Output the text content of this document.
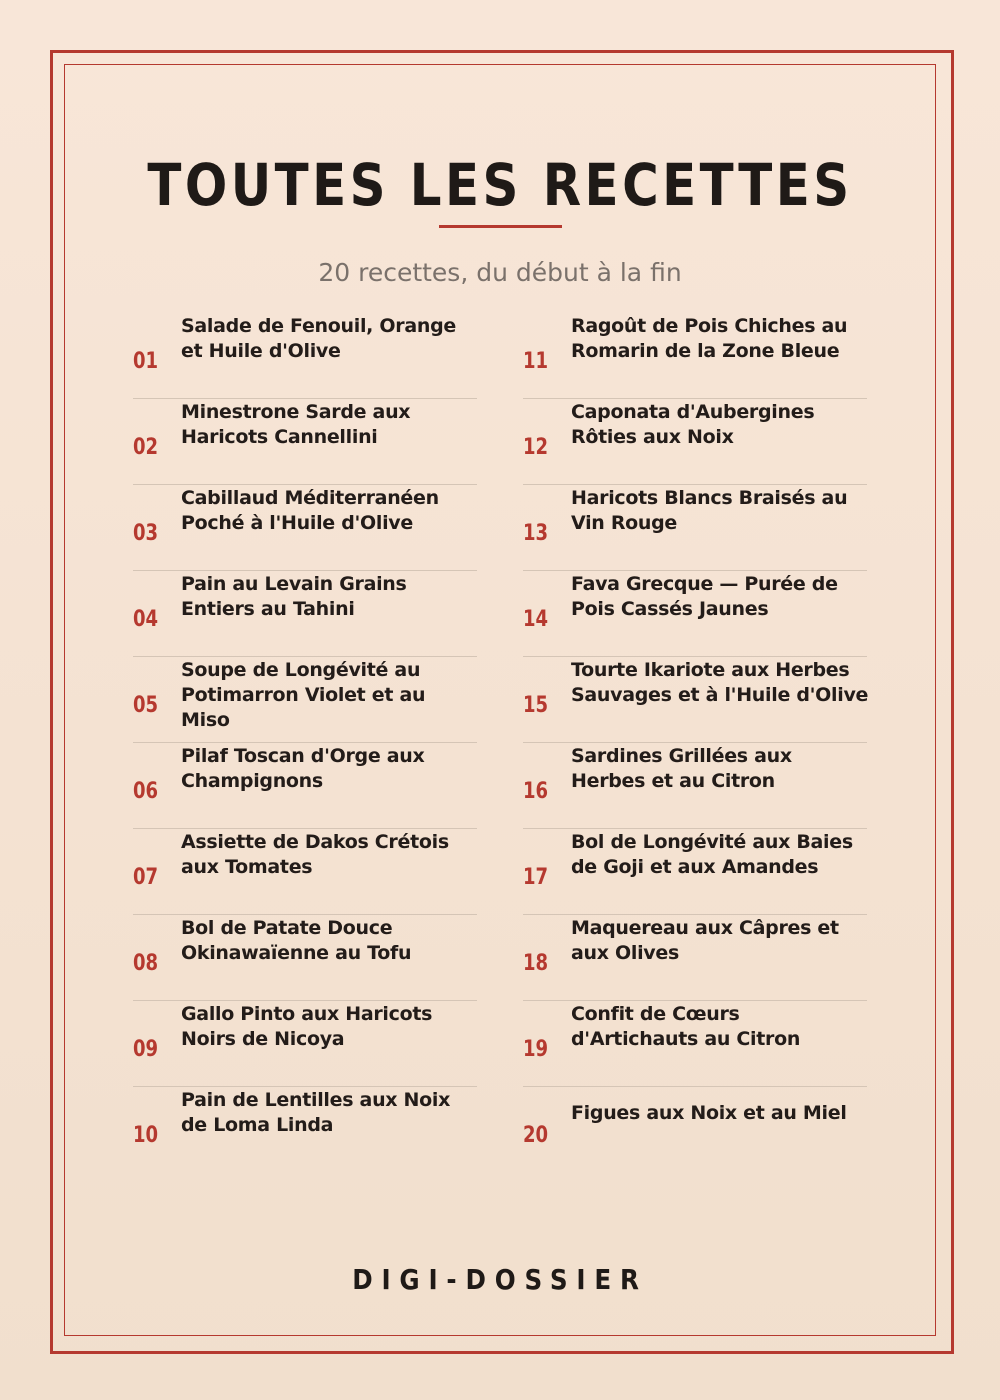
TOUTES LES RECETTES
20 recettes, du début à la fin
01
Salade de Fenouil, Orange et Huile d'Olive
02
Minestrone Sarde aux Haricots Cannellini
03
Cabillaud Méditerranéen Poché à l'Huile d'Olive
04
Pain au Levain Grains Entiers au Tahini
05
Soupe de Longévité au Potimarron Violet et au Miso
06
Pilaf Toscan d'Orge aux Champignons
07
Assiette de Dakos Crétois aux Tomates
08
Bol de Patate Douce Okinawaïenne au Tofu
09
Gallo Pinto aux Haricots Noirs de Nicoya
10
Pain de Lentilles aux Noix de Loma Linda
11
Ragoût de Pois Chiches au Romarin de la Zone Bleue
12
Caponata d'Aubergines Rôties aux Noix
13
Haricots Blancs Braisés au Vin Rouge
14
Fava Grecque — Purée de Pois Cassés Jaunes
15
Tourte Ikariote aux Herbes Sauvages et à l'Huile d'Olive
16
Sardines Grillées aux Herbes et au Citron
17
Bol de Longévité aux Baies de Goji et aux Amandes
18
Maquereau aux Câpres et aux Olives
19
Confit de Cœurs d'Artichauts au Citron
20
Figues aux Noix et au Miel
DIGI-DOSSIER
